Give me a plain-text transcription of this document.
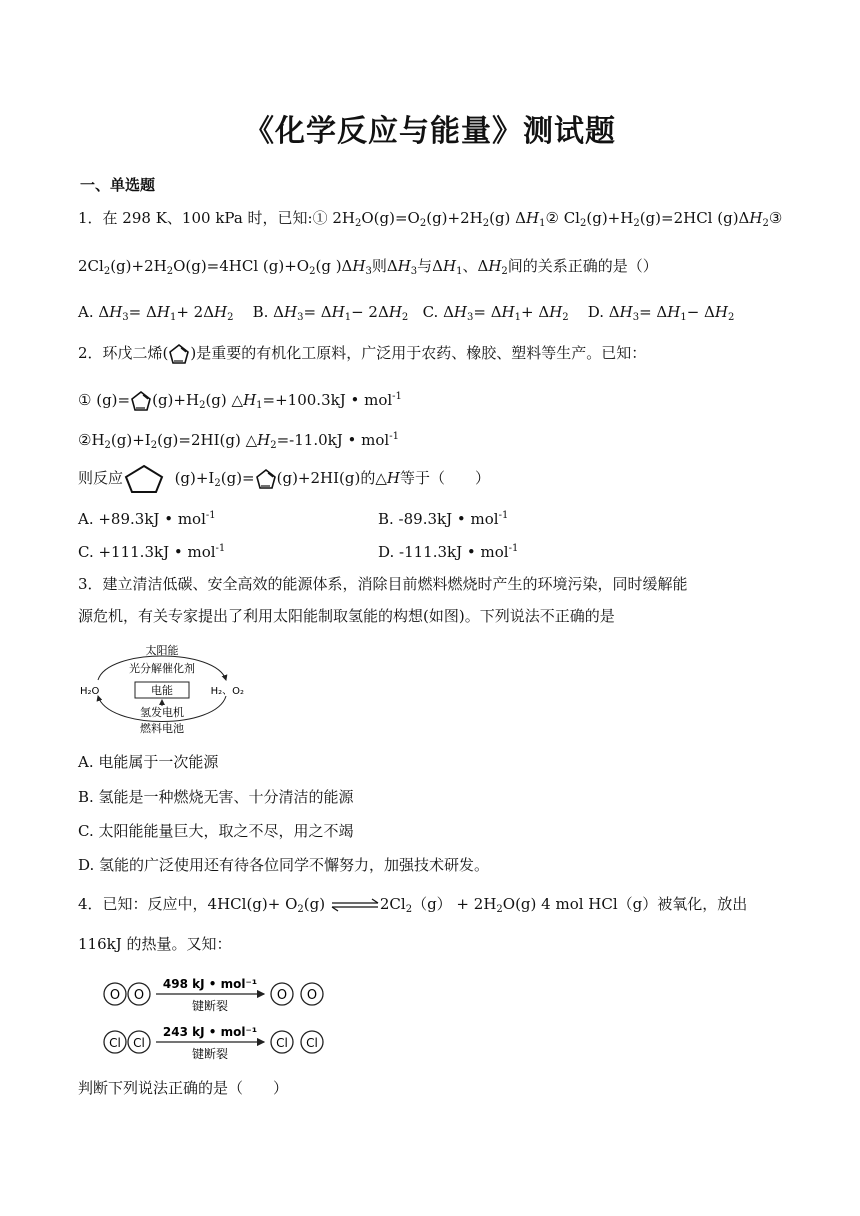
《化学反应与能量》测试题
一、单选题
1．在 298 K、100 kPa 时，已知:① $2H_2O(g)=O_2(g)+2H_2(g)$ $\Delta H_1②$ $Cl_2(g)+H_2(g)=2HCl$ $(g)\Delta H_2③$
$2Cl_2(g)+2H_2O(g)=4HCl$ $(g)+O_2(g$ )$\Delta H_3$则$\Delta H_3$与$\Delta H_1$、$\Delta H_2$间的关系正确的是（）
A. $\Delta H_3= \Delta H_1+ 2\Delta H_2$ B. $\Delta H_3= \Delta H_1- 2\Delta H_2$ C. $\Delta H_3= \Delta H_1+ \Delta H_2$ D. $\Delta H_3= \Delta H_1- \Delta H_2$
2．环戊二烯( )是重要的有机化工原料，广泛用于农药、橡胶、塑料等生产。已知：
① $(g)= (g)+H_2(g)$ $\triangle H_1=+100.3kJ$ • mol$^{-1}$
$②H_2(g)+I_2(g)=2HI(g)$ $\triangle H_2=-11.0kJ$ • mol$^{-1}$
则反应	$(g)+I_2(g)= (g)+2HI(g)$的△H等于（　　）
A. +89.3kJ • mol$^{-1}$	B. -89.3kJ • mol$^{-1}$
C. +111.3kJ • mol$^{-1}$	D. -111.3kJ • mol$^{-1}$
3．建立清洁低碳、安全高效的能源体系，消除目前燃料燃烧时产生的环境污染，同时缓解能
源危机，有关专家提出了利用太阳能制取氢能的构想(如图)。下列说法不正确的是
太阳能
光分解催化剂
H₂O	H₂、O₂
电能
氢发电机
燃料电池
A. 电能属于一次能源
B. 氢能是一种燃烧无害、十分清洁的能源
C. 太阳能能量巨大，取之不尽，用之不竭
D. 氢能的广泛使用还有待各位同学不懈努力，加强技术研发。
4．已知：反应中，$4HCl(g)+ O_2(g)$ $\rightleftharpoons 2Cl_2(g) + 2H_2O(g)$ 4 mol HCl（g）被氧化，放出
116kJ 的热量。又知：
O O
498 kJ • mol⁻¹
键断裂
O O
Cl Cl
243 kJ • mol⁻¹
键断裂
Cl Cl
判断下列说法正确的是（　　）
